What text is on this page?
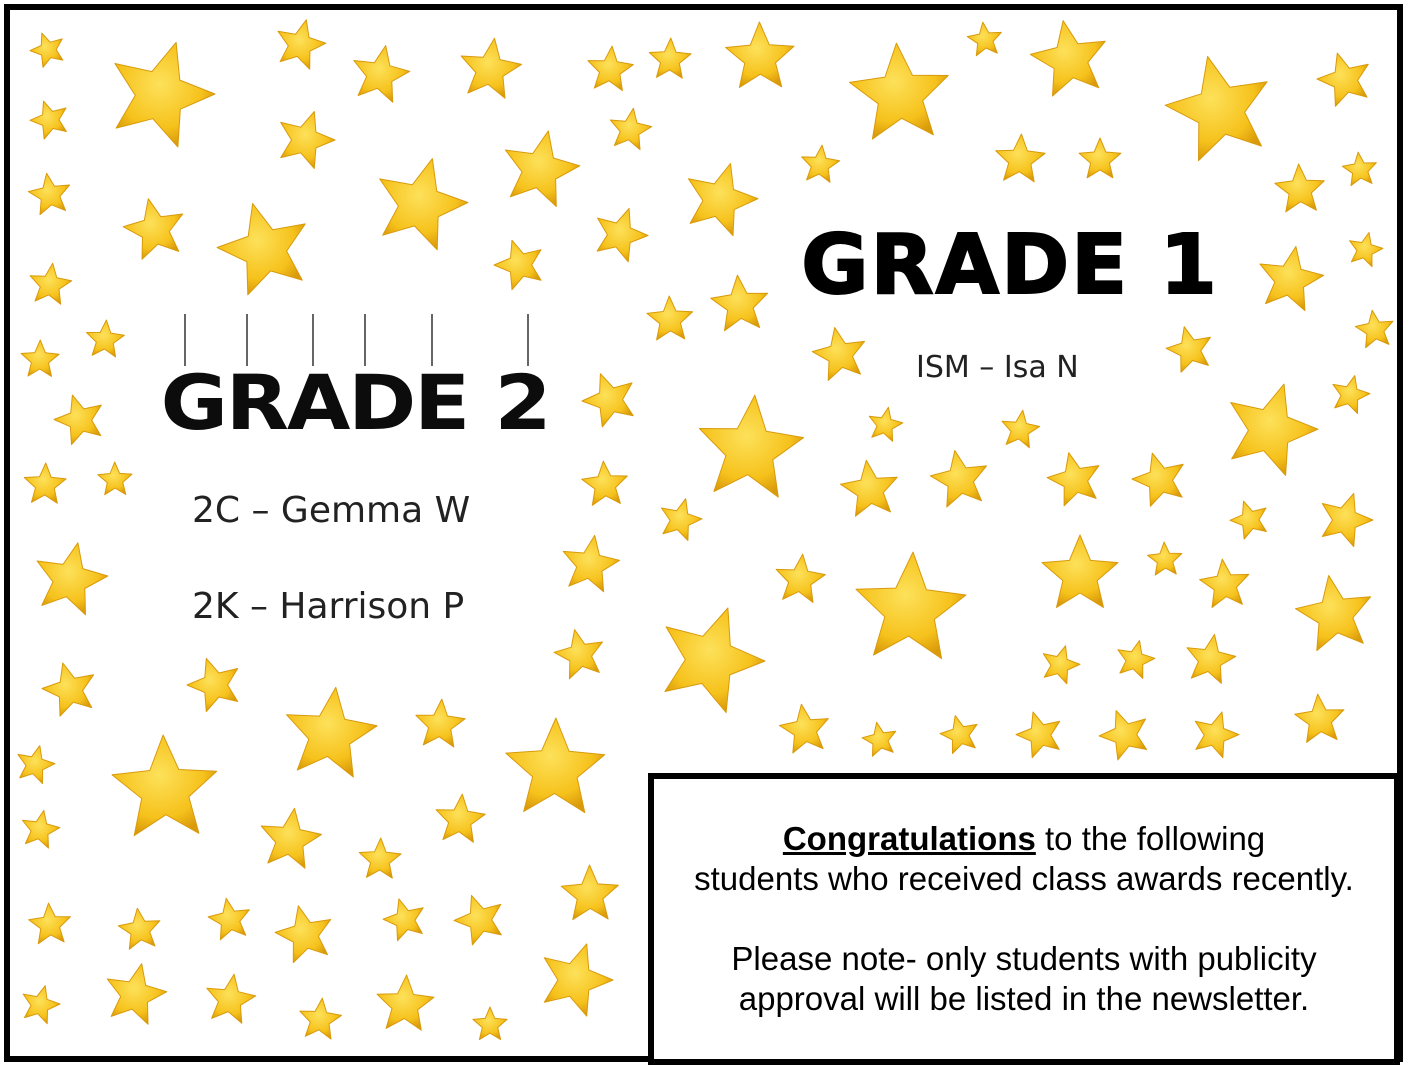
GRADE 2
2C – Gemma W
2K – Harrison P
GRADE 1
ISM – Isa N

Congratulations to the following

students who received class awards recently.

Please note- only students with publicity

approval will be listed in the newsletter.
